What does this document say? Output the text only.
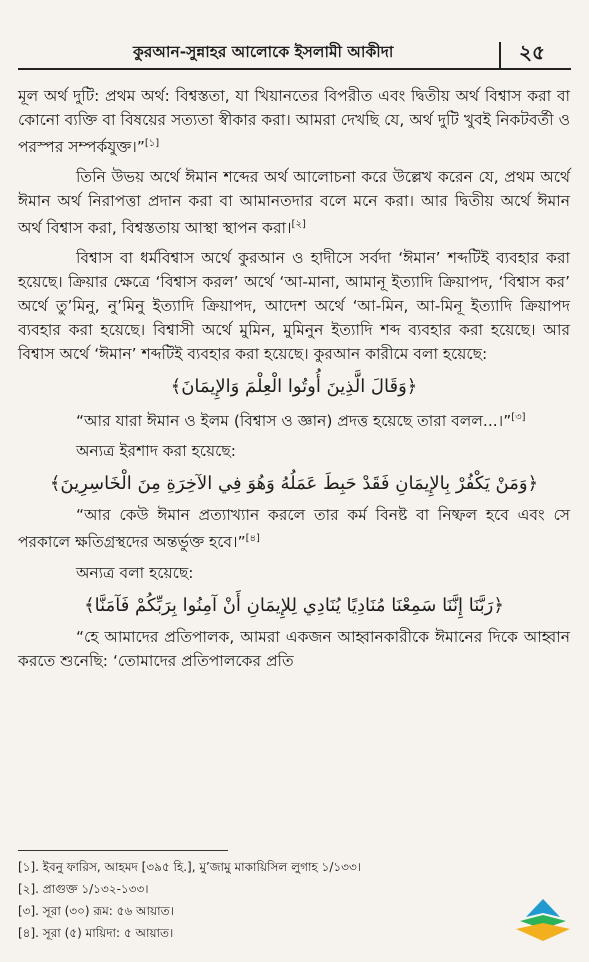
কুরআন-সুন্নাহর আলোকে ইসলামী আকীদা	২৫

মূল অর্থ দুটি: প্রথম অর্থ: বিশ্বস্ততা, যা খিয়ানতের বিপরীত এবং দ্বিতীয় অর্থ বিশ্বাস করা বা কোনো ব্যক্তি বা বিষয়ের সত্যতা স্বীকার করা। আমরা দেখছি যে, অর্থ দুটি খুবই নিকটবর্তী ও পরস্পর সম্পর্কযুক্ত।”[১]

তিনি উভয় অর্থে ঈমান শব্দের অর্থ আলোচনা করে উল্লেখ করেন যে, প্রথম অর্থে ঈমান অর্থ নিরাপত্তা প্রদান করা বা আমানতদার বলে মনে করা। আর দ্বিতীয় অর্থে ঈমান অর্থ বিশ্বাস করা, বিশ্বস্ততায় আস্থা স্থাপন করা।[২]

বিশ্বাস বা ধর্মবিশ্বাস অর্থে কুরআন ও হাদীসে সর্বদা ‘ঈমান’ শব্দটিই ব্যবহার করা হয়েছে। ক্রিয়ার ক্ষেত্রে ‘বিশ্বাস করল’ অর্থে ‘আ-মানা, আমানূ ইত্যাদি ক্রিয়াপদ, ‘বিশ্বাস কর’ অর্থে তু’মিনু, নু’মিনু ইত্যাদি ক্রিয়াপদ, আদেশ অর্থে ‘আ-মিন, আ-মিনূ ইত্যাদি ক্রিয়াপদ ব্যবহার করা হয়েছে। বিশ্বাসী অর্থে মুমিন, মুমিনুন ইত্যাদি শব্দ ব্যবহার করা হয়েছে। আর বিশ্বাস অর্থে ‘ঈমান’ শব্দটিই ব্যবহার করা হয়েছে। কুরআন কারীমে বলা হয়েছে:

﴿وَقَالَ الَّذِينَ أُوتُوا الْعِلْمَ وَالإِيمَانَ﴾

“আর যারা ঈমান ও ইলম (বিশ্বাস ও জ্ঞান) প্রদত্ত হয়েছে তারা বলল...।”[৩]

অন্যত্র ইরশাদ করা হয়েছে:

﴿وَمَنْ يَكْفُرْ بِالإِيمَانِ فَقَدْ حَبِطَ عَمَلُهُ وَهُوَ فِي الآخِرَةِ مِنَ الْخَاسِرِينَ﴾

“আর কেউ ঈমান প্রত্যাখ্যান করলে তার কর্ম বিনষ্ট বা নিষ্ফল হবে এবং সে পরকালে ক্ষতিগ্রস্থদের অন্তর্ভুক্ত হবে।”[৪]

অন্যত্র বলা হয়েছে:

﴿رَبَّنَا إِنَّنَا سَمِعْنَا مُنَادِيًا يُنَادِي لِلإِيمَانِ أَنْ آمِنُوا بِرَبِّكُمْ فَآمَنَّا﴾

“হে আমাদের প্রতিপালক, আমরা একজন আহ্বানকারীকে ঈমানের দিকে আহ্বান করতে শুনেছি: ‘তোমাদের প্রতিপালকের প্রতি

[১]. ইবনু ফারিস, আহমদ [৩৯৫ হি.], মু’জামু মাকায়িসিল লুগাহ ১/১৩৩।
[২]. প্রাগুক্ত ১/১৩২-১৩৩।
[৩]. সূরা (৩০) রূম: ৫৬ আয়াত।
[৪]. সূরা (৫) মায়িদা: ৫ আয়াত।
